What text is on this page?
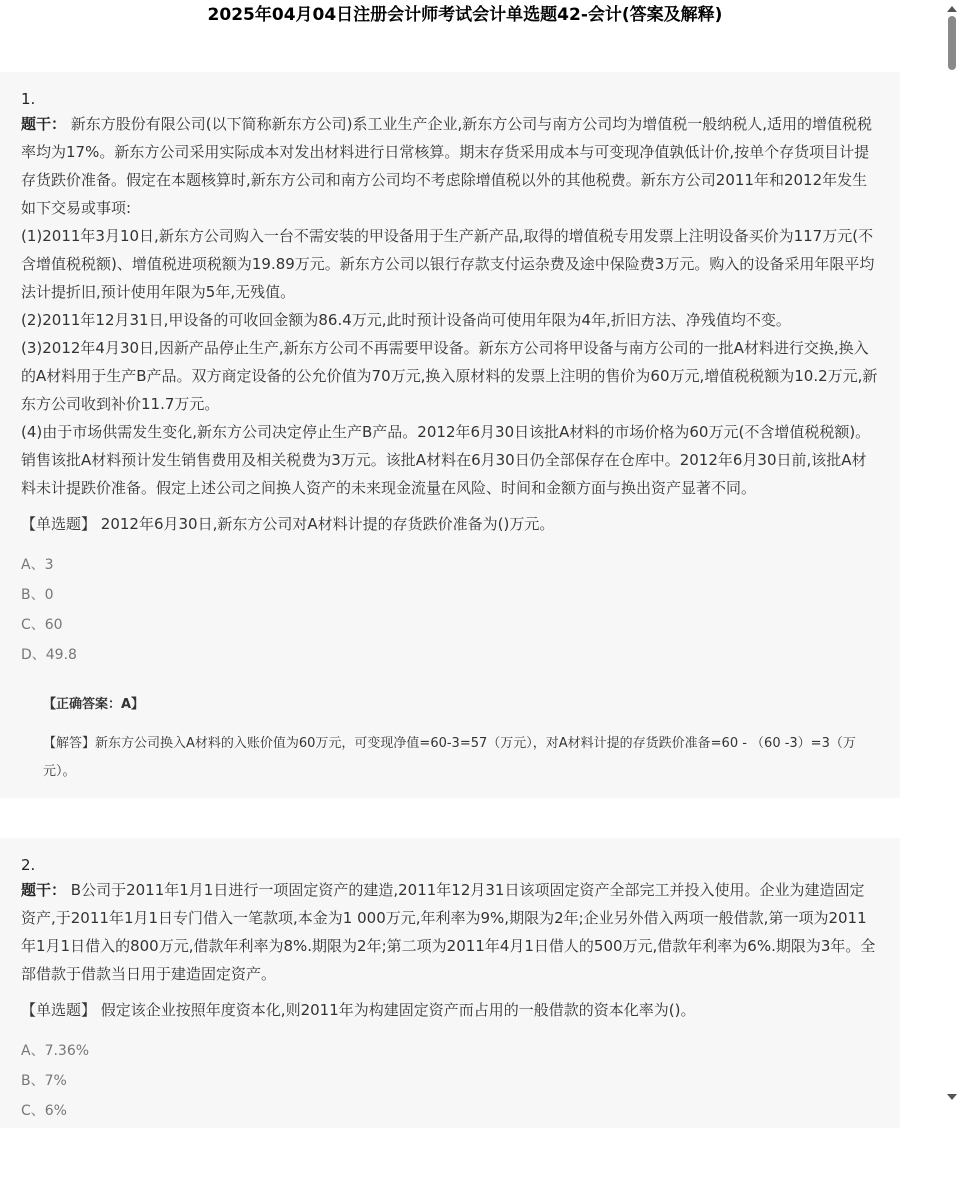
2025年04月04日注册会计师考试会计单选题42-会计(答案及解释)
1.
题干： 新东方股份有限公司(以下简称新东方公司)系工业生产企业,新东方公司与南方公司均为增值税一般纳税人,适用的增值税税率均为17%。新东方公司采用实际成本对发出材料进行日常核算。期末存货采用成本与可变现净值孰低计价,按单个存货项目计提存货跌价准备。假定在本题核算时,新东方公司和南方公司均不考虑除增值税以外的其他税费。新东方公司2011年和2012年发生如下交易或事项:
(1)2011年3月10日,新东方公司购入一台不需安装的甲设备用于生产新产品,取得的增值税专用发票上注明设备买价为117万元(不含增值税税额)、增值税进项税额为19.89万元。新东方公司以银行存款支付运杂费及途中保险费3万元。购入的设备采用年限平均法计提折旧,预计使用年限为5年,无残值。
(2)2011年12月31日,甲设备的可收回金额为86.4万元,此时预计设备尚可使用年限为4年,折旧方法、净残值均不变。
(3)2012年4月30日,因新产品停止生产,新东方公司不再需要甲设备。新东方公司将甲设备与南方公司的一批A材料进行交换,换入的A材料用于生产B产品。双方商定设备的公允价值为70万元,换入原材料的发票上注明的售价为60万元,增值税税额为10.2万元,新东方公司收到补价11.7万元。
(4)由于市场供需发生变化,新东方公司决定停止生产B产品。2012年6月30日该批A材料的市场价格为60万元(不含增值税税额)。销售该批A材料预计发生销售费用及相关税费为3万元。该批A材料在6月30日仍全部保存在仓库中。2012年6月30日前,该批A材料未计提跌价准备。假定上述公司之间换人资产的未来现金流量在风险、时间和金额方面与换出资产显著不同。
【单选题】 2012年6月30日,新东方公司对A材料计提的存货跌价准备为()万元。
A、3
B、0
C、60
D、49.8
【正确答案：A】
【解答】新东方公司换入A材料的入账价值为60万元，可变现净值=60-3=57（万元），对A材料计提的存货跌价准备=60 - （60 -3）=3（万元）。
2.
题干： B公司于2011年1月1日进行一项固定资产的建造,2011年12月31日该项固定资产全部完工并投入使用。企业为建造固定资产,于2011年1月1日专门借入一笔款项,本金为1 000万元,年利率为9%,期限为2年;企业另外借入两项一般借款,第一项为2011年1月1日借入的800万元,借款年利率为8%.期限为2年;第二项为2011年4月1日借人的500万元,借款年利率为6%.期限为3年。全部借款于借款当日用于建造固定资产。
【单选题】 假定该企业按照年度资本化,则2011年为构建固定资产而占用的一般借款的资本化率为()。
A、7.36%
B、7%
C、6%
